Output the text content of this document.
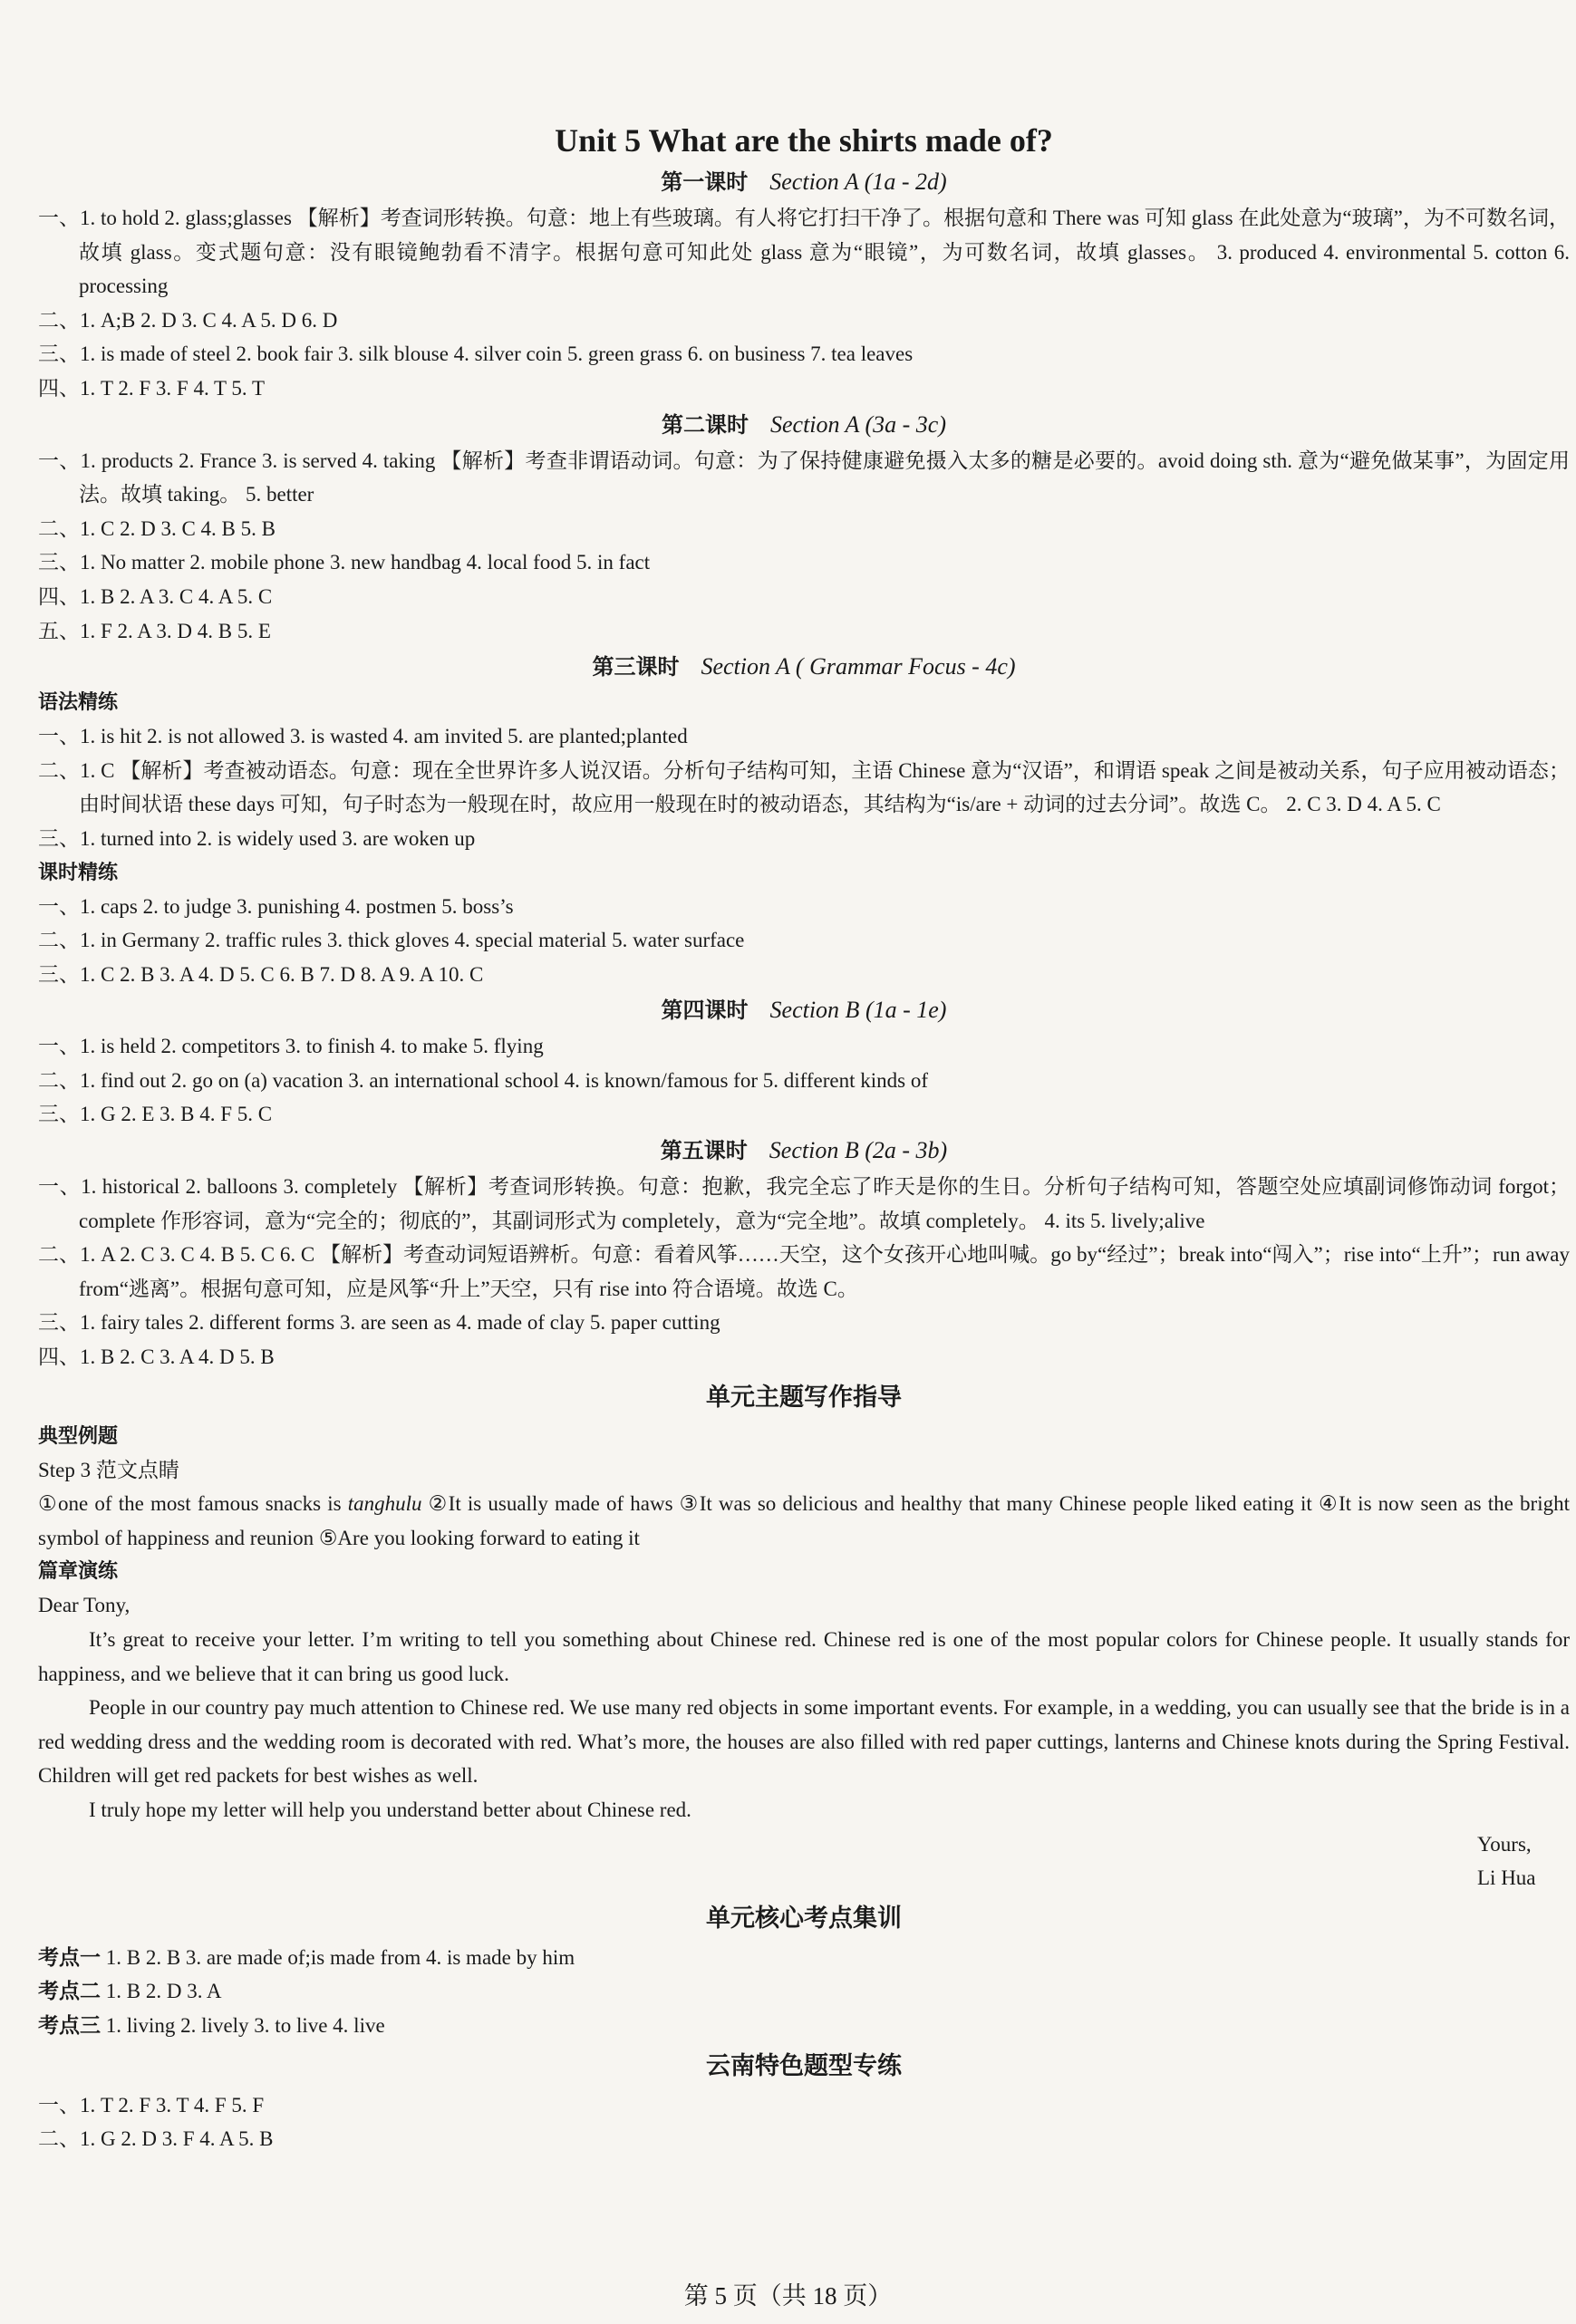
Unit 5 What are the shirts made of?
第一课时 Section A (1a - 2d)
一、1. to hold 2. glass;glasses 【解析】考查词形转换。句意：地上有些玻璃。有人将它打扫干净了。根据句意和 There was 可知 glass 在此处意为“玻璃”，为不可数名词，故填 glass。变式题句意：没有眼镜鲍勃看不清字。根据句意可知此处 glass 意为“眼镜”，为可数名词，故填 glasses。 3. produced 4. environmental 5. cotton 6. processing
二、1. A;B 2. D 3. C 4. A 5. D 6. D
三、1. is made of steel 2. book fair 3. silk blouse 4. silver coin 5. green grass 6. on business 7. tea leaves
四、1. T 2. F 3. F 4. T 5. T
第二课时 Section A (3a - 3c)
一、1. products 2. France 3. is served 4. taking 【解析】考查非谓语动词。句意：为了保持健康避免摄入太多的糖是必要的。avoid doing sth. 意为“避免做某事”，为固定用法。故填 taking。 5. better
二、1. C 2. D 3. C 4. B 5. B
三、1. No matter 2. mobile phone 3. new handbag 4. local food 5. in fact
四、1. B 2. A 3. C 4. A 5. C
五、1. F 2. A 3. D 4. B 5. E
第三课时 Section A ( Grammar Focus - 4c)
语法精练
一、1. is hit 2. is not allowed 3. is wasted 4. am invited 5. are planted;planted
二、1. C 【解析】考查被动语态。句意：现在全世界许多人说汉语。分析句子结构可知，主语 Chinese 意为“汉语”，和谓语 speak 之间是被动关系，句子应用被动语态；由时间状语 these days 可知，句子时态为一般现在时，故应用一般现在时的被动语态，其结构为“is/are + 动词的过去分词”。故选 C。 2. C 3. D 4. A 5. C
三、1. turned into 2. is widely used 3. are woken up
课时精练
一、1. caps 2. to judge 3. punishing 4. postmen 5. boss’s
二、1. in Germany 2. traffic rules 3. thick gloves 4. special material 5. water surface
三、1. C 2. B 3. A 4. D 5. C 6. B 7. D 8. A 9. A 10. C
第四课时 Section B (1a - 1e)
一、1. is held 2. competitors 3. to finish 4. to make 5. flying
二、1. find out 2. go on (a) vacation 3. an international school 4. is known/famous for 5. different kinds of
三、1. G 2. E 3. B 4. F 5. C
第五课时 Section B (2a - 3b)
一、1. historical 2. balloons 3. completely 【解析】考查词形转换。句意：抱歉，我完全忘了昨天是你的生日。分析句子结构可知，答题空处应填副词修饰动词 forgot；complete 作形容词，意为“完全的；彻底的”，其副词形式为 completely，意为“完全地”。故填 completely。 4. its 5. lively;alive
二、1. A 2. C 3. C 4. B 5. C 6. C 【解析】考查动词短语辨析。句意：看着风筝……天空，这个女孩开心地叫喊。go by“经过”；break into“闯入”；rise into“上升”；run away from“逃离”。根据句意可知，应是风筝“升上”天空，只有 rise into 符合语境。故选 C。
三、1. fairy tales 2. different forms 3. are seen as 4. made of clay 5. paper cutting
四、1. B 2. C 3. A 4. D 5. B
单元主题写作指导
典型例题
Step 3 范文点睛
①one of the most famous snacks is tanghulu ②It is usually made of haws ③It was so delicious and healthy that many Chinese people liked eating it ④It is now seen as the bright symbol of happiness and reunion ⑤Are you looking forward to eating it
篇章演练
Dear Tony,
It’s great to receive your letter. I’m writing to tell you something about Chinese red. Chinese red is one of the most popular colors for Chinese people. It usually stands for happiness, and we believe that it can bring us good luck.
People in our country pay much attention to Chinese red. We use many red objects in some important events. For example, in a wedding, you can usually see that the bride is in a red wedding dress and the wedding room is decorated with red. What’s more, the houses are also filled with red paper cuttings, lanterns and Chinese knots during the Spring Festival. Children will get red packets for best wishes as well.
I truly hope my letter will help you understand better about Chinese red.
Yours,
Li Hua
单元核心考点集训
考点一 1. B 2. B 3. are made of;is made from 4. is made by him
考点二 1. B 2. D 3. A
考点三 1. living 2. lively 3. to live 4. live
云南特色题型专练
一、1. T 2. F 3. T 4. F 5. F
二、1. G 2. D 3. F 4. A 5. B
第 5 页（共 18 页）
